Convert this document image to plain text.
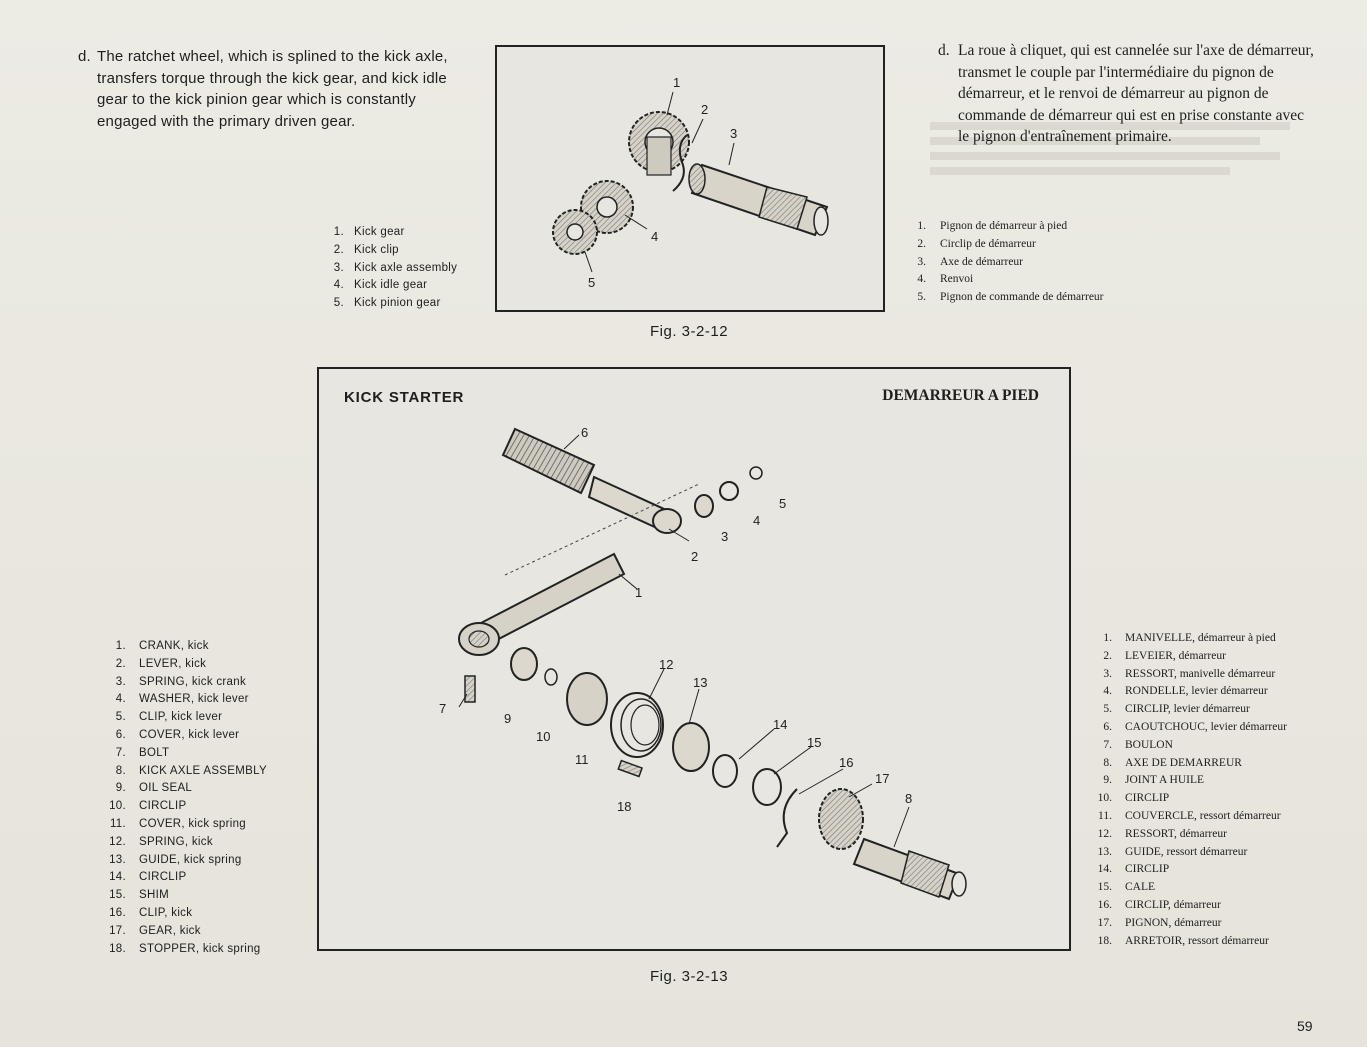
d. The ratchet wheel, which is splined to the kick axle, transfers torque through the kick gear, and kick idle gear to the kick pinion gear which is constantly engaged with the primary driven gear.
1
2
3
4
5
1. Kick gear
2. Kick clip
3. Kick axle assembly
4. Kick idle gear
5. Kick pinion gear
Fig. 3-2-12
d. La roue à cliquet, qui est cannelée sur l'axe de démarreur, transmet le couple par l'intermédiaire du pignon de démarreur, et le renvoi de démarreur au pignon de commande de démarreur qui est en prise constante avec le pignon d'entraînement primaire.
1. Pignon de démarreur à pied
2. Circlip de démarreur
3. Axe de démarreur
4. Renvoi
5. Pignon de commande de démarreur
KICK STARTER	DEMARREUR A PIED
6
5
4
3
2
1
7
9
10
11
12
13
14
15
16
17
8
18
1. CRANK, kick
2. LEVER, kick
3. SPRING, kick crank
4. WASHER, kick lever
5. CLIP, kick lever
6. COVER, kick lever
7. BOLT
8. KICK AXLE ASSEMBLY
9. OIL SEAL
10. CIRCLIP
11. COVER, kick spring
12. SPRING, kick
13. GUIDE, kick spring
14. CIRCLIP
15. SHIM
16. CLIP, kick
17. GEAR, kick
18. STOPPER, kick spring
1. MANIVELLE, démarreur à pied
2. LEVEIER, démarreur
3. RESSORT, manivelle démarreur
4. RONDELLE, levier démarreur
5. CIRCLIP, levier démarreur
6. CAOUTCHOUC, levier démarreur
7. BOULON
8. AXE DE DEMARREUR
9. JOINT A HUILE
10. CIRCLIP
11. COUVERCLE, ressort démarreur
12. RESSORT, démarreur
13. GUIDE, ressort démarreur
14. CIRCLIP
15. CALE
16. CIRCLIP, démarreur
17. PIGNON, démarreur
18. ARRETOIR, ressort démarreur
Fig. 3-2-13
59
